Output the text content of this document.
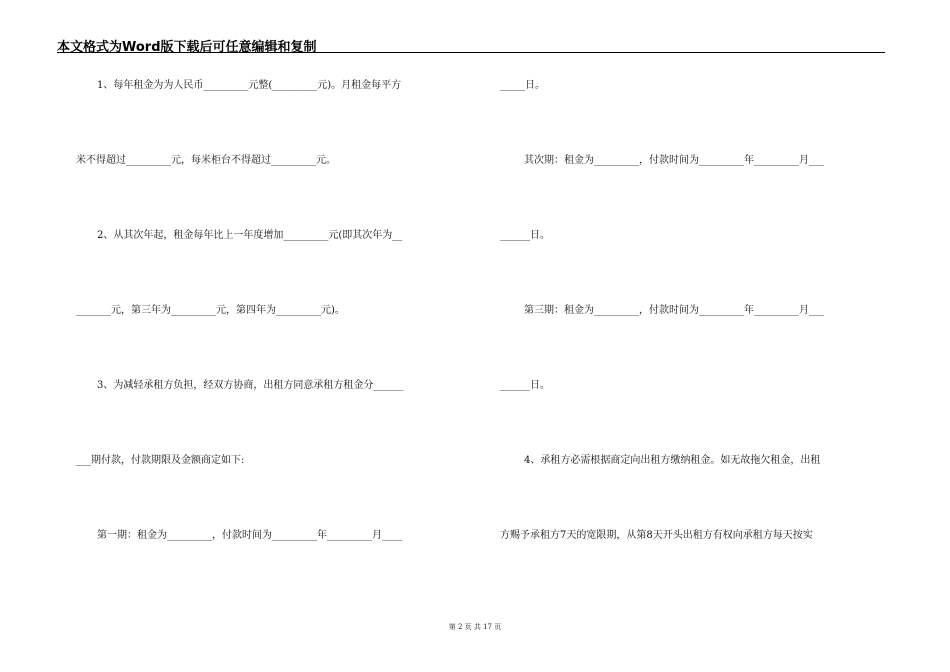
本文格式为Word版下载后可任意编辑和复制
1、每年租金为为人民币_________元整(_________元)。月租金每平方
米不得超过_________元，每米柜台不得超过_________元。
2、从其次年起，租金每年比上一年度增加_________元(即其次年为__
_______元，第三年为_________元，第四年为_________元)。
3、为减轻承租方负担，经双方协商，出租方同意承租方租金分______
___期付款，付款期限及金额商定如下:
第一期：租金为_________，付款时间为_________年_________月____
_____日。
其次期：租金为_________，付款时间为_________年_________月___
______日。
第三期：租金为_________，付款时间为_________年_________月___
______日。
4、承租方必需根据商定向出租方缴纳租金。如无故拖欠租金，出租
方赐予承租方7天的宽限期，从第8天开头出租方有权向承租方每天按实
第 2 页 共 17 页
